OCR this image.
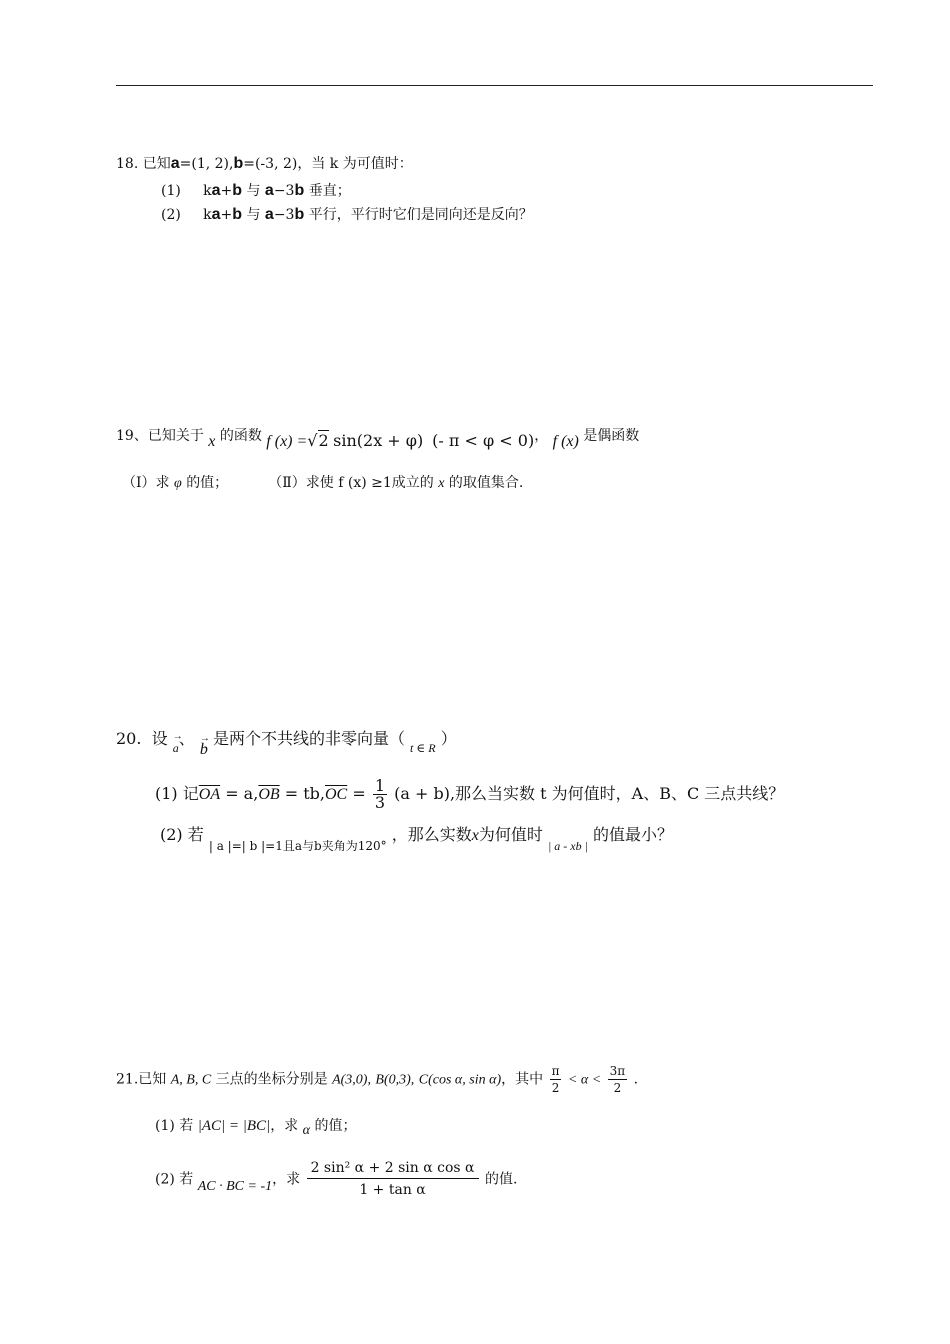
18. 已知a=(1, 2),b=(-3, 2)，当 k 为可值时：
(1) ka+b 与 a−3b 垂直；
(2) ka+b 与 a−3b 平行，平行时它们是同向还是反向？
19、已知关于 x 的函数 f (x) =√2 sin(2x + φ) (- π < φ < 0)， f (x) 是偶函数
（Ⅰ）求 φ 的值；	（Ⅱ）求使 f (x) ≥1成立的 x 的取值集合.
20. 设 → a、 → b 是两个不共线的非零向量（ $_{t \in R}$ ）
(1) 记$\overline{OA} = a,\overline{OB} = tb,\overline{OC} = \frac{1}{3} (a + b)$,那么当实数 t 为何值时，A、B、C 三点共线？
(2) 若 $_{| a |=| b |=1且a与b夹角为120^\circ}$ ，那么实数x为何值时 $_{| a - xb |}$ 的值最小？
21.已知 A, B, C 三点的坐标分别是 A(3,0), B(0,3), C(cos α, sin α)，其中 $\frac{\pi}{2} < \alpha < \frac{3\pi}{2}$ .
(1) 若 |AC| = |BC|，求 α 的值；
(2) 若 AC · BC = -1，求 $\frac{\text{2 sin² α + 2 sin α cos α}}{\text{1 + tan α}}$ 的值.
